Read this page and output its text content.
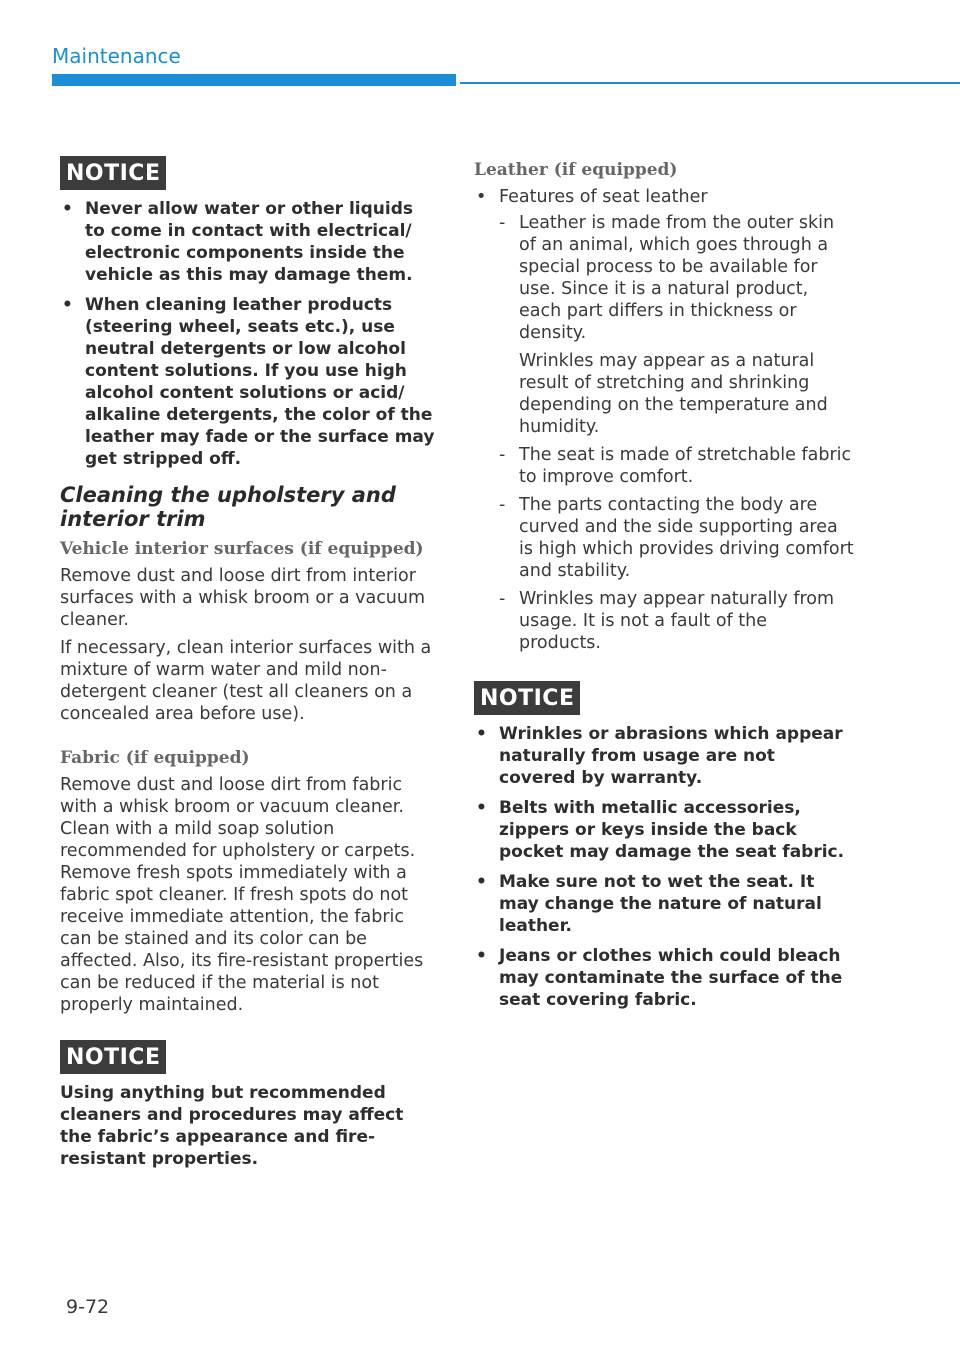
Maintenance
NOTICE
• Never allow water or other liquids to come in contact with electrical/ electronic components inside the vehicle as this may damage them.
• When cleaning leather products (steering wheel, seats etc.), use neutral detergents or low alcohol content solutions. If you use high alcohol content solutions or acid/ alkaline detergents, the color of the leather may fade or the surface may get stripped off.
Cleaning the upholstery and interior trim
Vehicle interior surfaces (if equipped)

Remove dust and loose dirt from interior surfaces with a whisk broom or a vacuum cleaner.

If necessary, clean interior surfaces with a mixture of warm water and mild non-detergent cleaner (test all cleaners on a concealed area before use).

Fabric (if equipped)

Remove dust and loose dirt from fabric with a whisk broom or vacuum cleaner. Clean with a mild soap solution recommended for upholstery or carpets. Remove fresh spots immediately with a fabric spot cleaner. If fresh spots do not receive immediate attention, the fabric can be stained and its color can be affected. Also, its fire-resistant properties can be reduced if the material is not properly maintained.

NOTICE
Using anything but recommended cleaners and procedures may affect the fabric’s appearance and fire-resistant properties.
Leather (if equipped)
• Features of seat leather

- Leather is made from the outer skin of an animal, which goes through a special process to be available for use. Since it is a natural product, each part differs in thickness or density.

Wrinkles may appear as a natural result of stretching and shrinking depending on the temperature and humidity.

- The seat is made of stretchable fabric to improve comfort.

- The parts contacting the body are curved and the side supporting area is high which provides driving comfort and stability.

- Wrinkles may appear naturally from usage. It is not a fault of the products.

NOTICE
• Wrinkles or abrasions which appear naturally from usage are not covered by warranty.
• Belts with metallic accessories, zippers or keys inside the back pocket may damage the seat fabric.
• Make sure not to wet the seat. It may change the nature of natural leather.
• Jeans or clothes which could bleach may contaminate the surface of the seat covering fabric.
9-72
